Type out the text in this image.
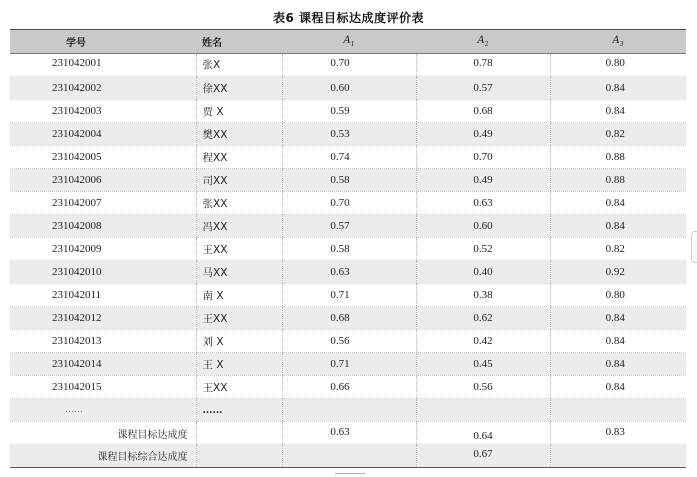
表6 课程目标达成度评价表
学号	姓名	$A_1$	$A_2$	$A_3$
231042001	张X	0.70	0.78	0.80
231042002	徐XX	0.60	0.57	0.84
231042003	贾 X	0.59	0.68	0.84
231042004	樊XX	0.53	0.49	0.82
231042005	程XX	0.74	0.70	0.88
231042006	司XX	0.58	0.49	0.88
231042007	张XX	0.70	0.63	0.84
231042008	冯XX	0.57	0.60	0.84
231042009	王XX	0.58	0.52	0.82
231042010	马XX	0.63	0.40	0.92
231042011	南 X	0.71	0.38	0.80
231042012	王XX	0.68	0.62	0.84
231042013	刘 X	0.56	0.42	0.84
231042014	王 X	0.71	0.45	0.84
231042015	王XX	0.66	0.56	0.84
……	……			
课程目标达成度		0.63	0.64	0.83
课程目标综合达成度			0.67	
